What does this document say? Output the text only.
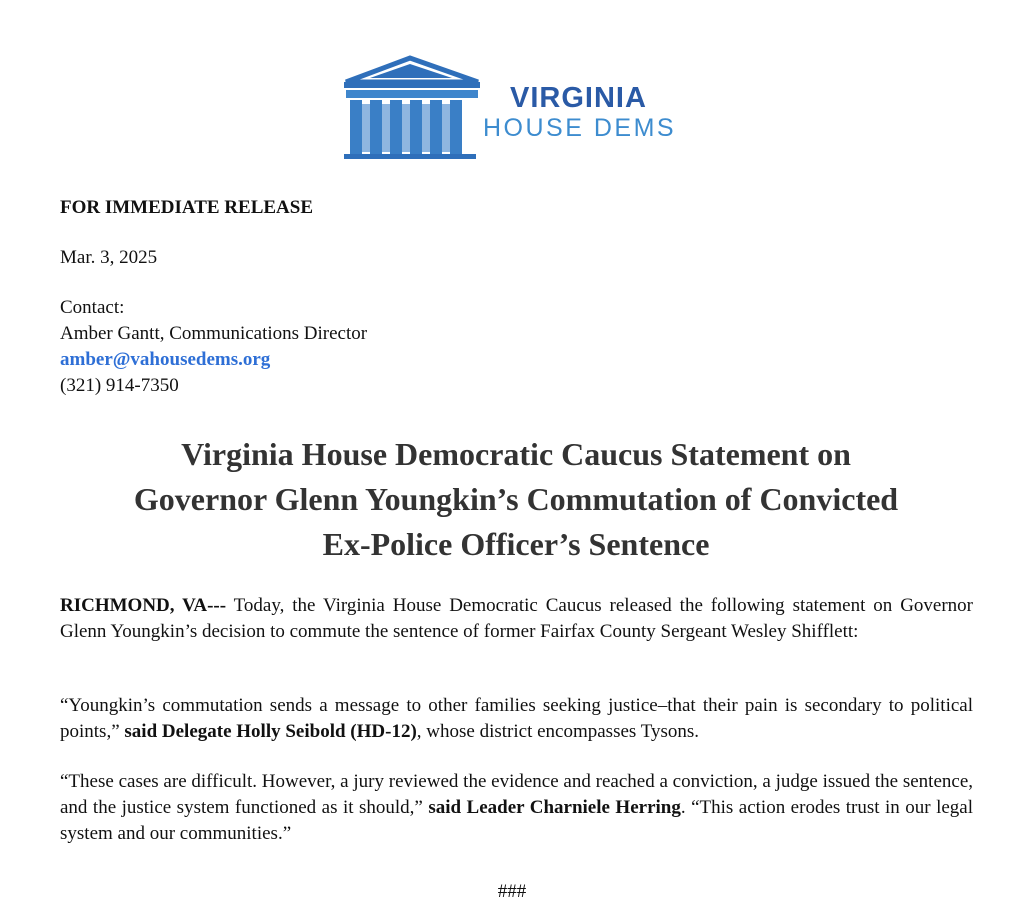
VIRGINIA
HOUSE DEMS
FOR IMMEDIATE RELEASE
Mar. 3, 2025
Contact:
Amber Gantt, Communications Director
amber@vahousedems.org
(321) 914-7350
Virginia House Democratic Caucus Statement on
Governor Glenn Youngkin’s Commutation of Convicted
Ex-Police Officer’s Sentence
RICHMOND, VA--- Today, the Virginia House Democratic Caucus released the following statement on Governor Glenn Youngkin’s decision to commute the sentence of former Fairfax County Sergeant Wesley Shifflett:
“Youngkin’s commutation sends a message to other families seeking justice–that their pain is secondary to political points,” said Delegate Holly Seibold (HD-12), whose district encompasses Tysons.
“These cases are difficult. However, a jury reviewed the evidence and reached a conviction, a judge issued the sentence, and the justice system functioned as it should,” said Leader Charniele Herring. “This action erodes trust in our legal system and our communities.”
###
